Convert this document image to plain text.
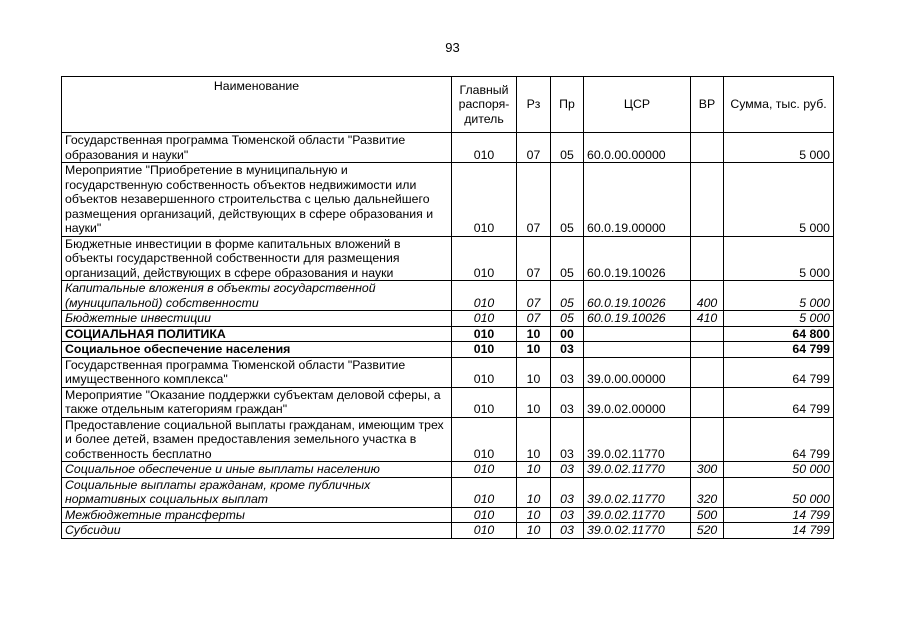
93
Наименование	Главный распоря- дитель	Рз	Пр	ЦСР	ВР	Сумма, тыс. руб.
Государственная программа Тюменской области "Развитие образования и науки"	010	07	05	60.0.00.00000		5 000
Мероприятие "Приобретение в муниципальную и государственную собственность объектов недвижимости или объектов незавершенного строительства с целью дальнейшего размещения организаций, действующих в сфере образования и науки"	010	07	05	60.0.19.00000		5 000
Бюджетные инвестиции в форме капитальных вложений в объекты государственной собственности для размещения организаций, действующих в сфере образования и науки	010	07	05	60.0.19.10026		5 000
Капитальные вложения в объекты государственной (муниципальной) собственности	010	07	05	60.0.19.10026	400	5 000
Бюджетные инвестиции	010	07	05	60.0.19.10026	410	5 000
СОЦИАЛЬНАЯ ПОЛИТИКА	010	10	00			64 800
Социальное обеспечение населения	010	10	03			64 799
Государственная программа Тюменской области "Развитие имущественного комплекса"	010	10	03	39.0.00.00000		64 799
Мероприятие "Оказание поддержки субъектам деловой сферы, а также отдельным категориям граждан"	010	10	03	39.0.02.00000		64 799
Предоставление социальной выплаты гражданам, имеющим трех и более детей, взамен предоставления земельного участка в собственность бесплатно	010	10	03	39.0.02.11770		64 799
Социальное обеспечение и иные выплаты населению	010	10	03	39.0.02.11770	300	50 000
Социальные выплаты гражданам, кроме публичных нормативных социальных выплат	010	10	03	39.0.02.11770	320	50 000
Межбюджетные трансферты	010	10	03	39.0.02.11770	500	14 799
Субсидии	010	10	03	39.0.02.11770	520	14 799
